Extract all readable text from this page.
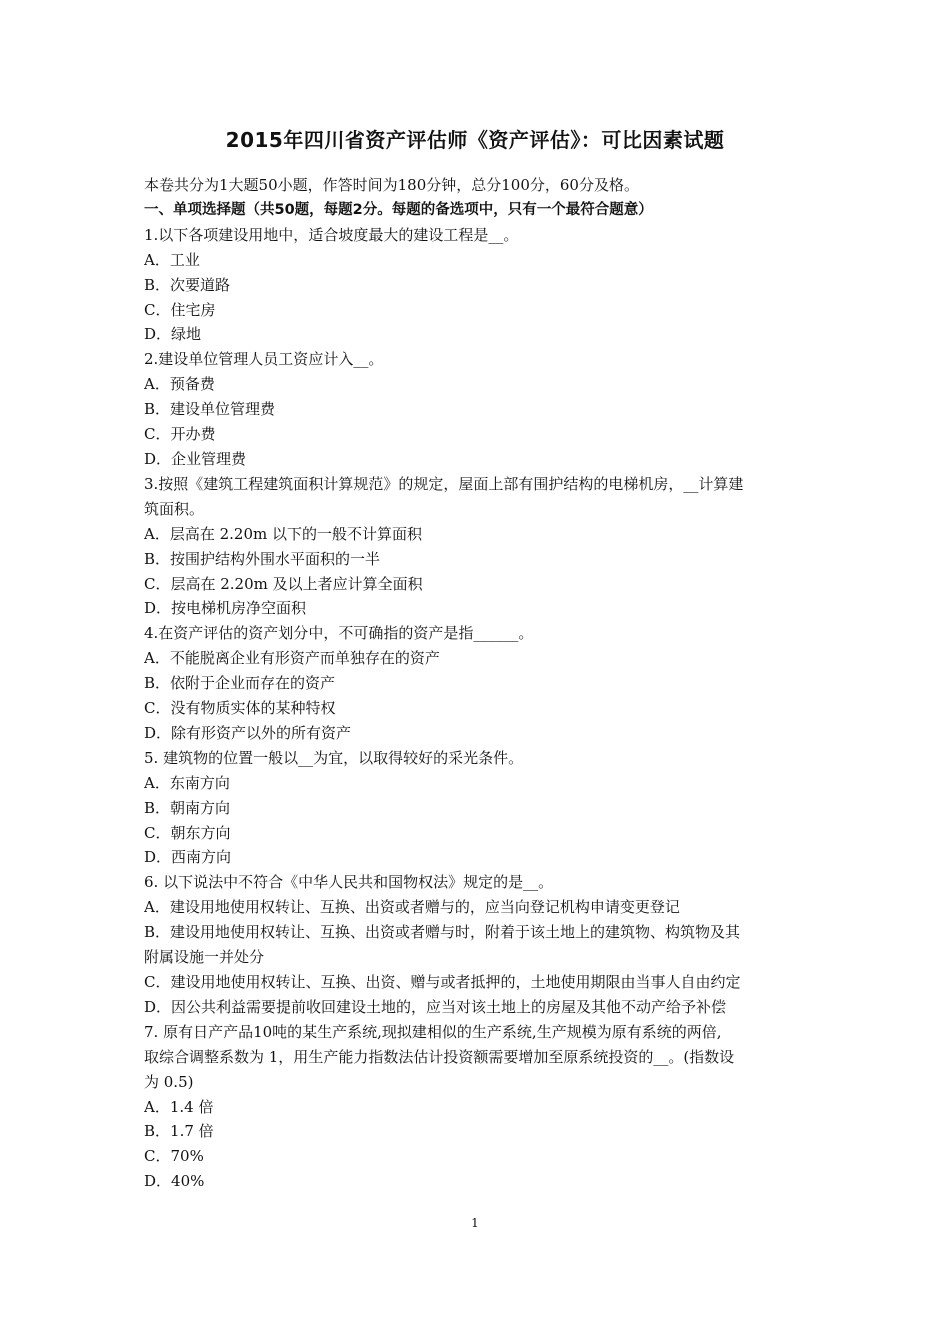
2015年四川省资产评估师《资产评估》：可比因素试题

本卷共分为1大题50小题，作答时间为180分钟，总分100分，60分及格。

一、单项选择题（共50题，每题2分。每题的备选项中，只有一个最符合题意）

1.以下各项建设用地中，适合坡度最大的建设工程是__。

A．工业

B．次要道路

C．住宅房

D．绿地

2.建设单位管理人员工资应计入__。

A．预备费

B．建设单位管理费

C．开办费

D．企业管理费

3.按照《建筑工程建筑面积计算规范》的规定，屋面上部有围护结构的电梯机房，__计算建

筑面积。

A．层高在 2.20m 以下的一般不计算面积

B．按围护结构外围水平面积的一半

C．层高在 2.20m 及以上者应计算全面积

D．按电梯机房净空面积

4.在资产评估的资产划分中，不可确指的资产是指______。

A．不能脱离企业有形资产而单独存在的资产

B．依附于企业而存在的资产

C．没有物质实体的某种特权

D．除有形资产以外的所有资产

5. 建筑物的位置一般以__为宜，以取得较好的采光条件。

A．东南方向

B．朝南方向

C．朝东方向

D．西南方向

6. 以下说法中不符合《中华人民共和国物权法》规定的是__。

A．建设用地使用权转让、互换、出资或者赠与的，应当向登记机构申请变更登记

B．建设用地使用权转让、互换、出资或者赠与时，附着于该土地上的建筑物、构筑物及其

附属设施一并处分

C．建设用地使用权转让、互换、出资、赠与或者抵押的，土地使用期限由当事人自由约定

D．因公共利益需要提前收回建设土地的，应当对该土地上的房屋及其他不动产给予补偿

7. 原有日产产品10吨的某生产系统,现拟建相似的生产系统,生产规模为原有系统的两倍,

取综合调整系数为 1，用生产能力指数法估计投资额需要增加至原系统投资的__。(指数设

为 0.5)

A．1.4 倍

B．1.7 倍

C．70%

D．40%

1
